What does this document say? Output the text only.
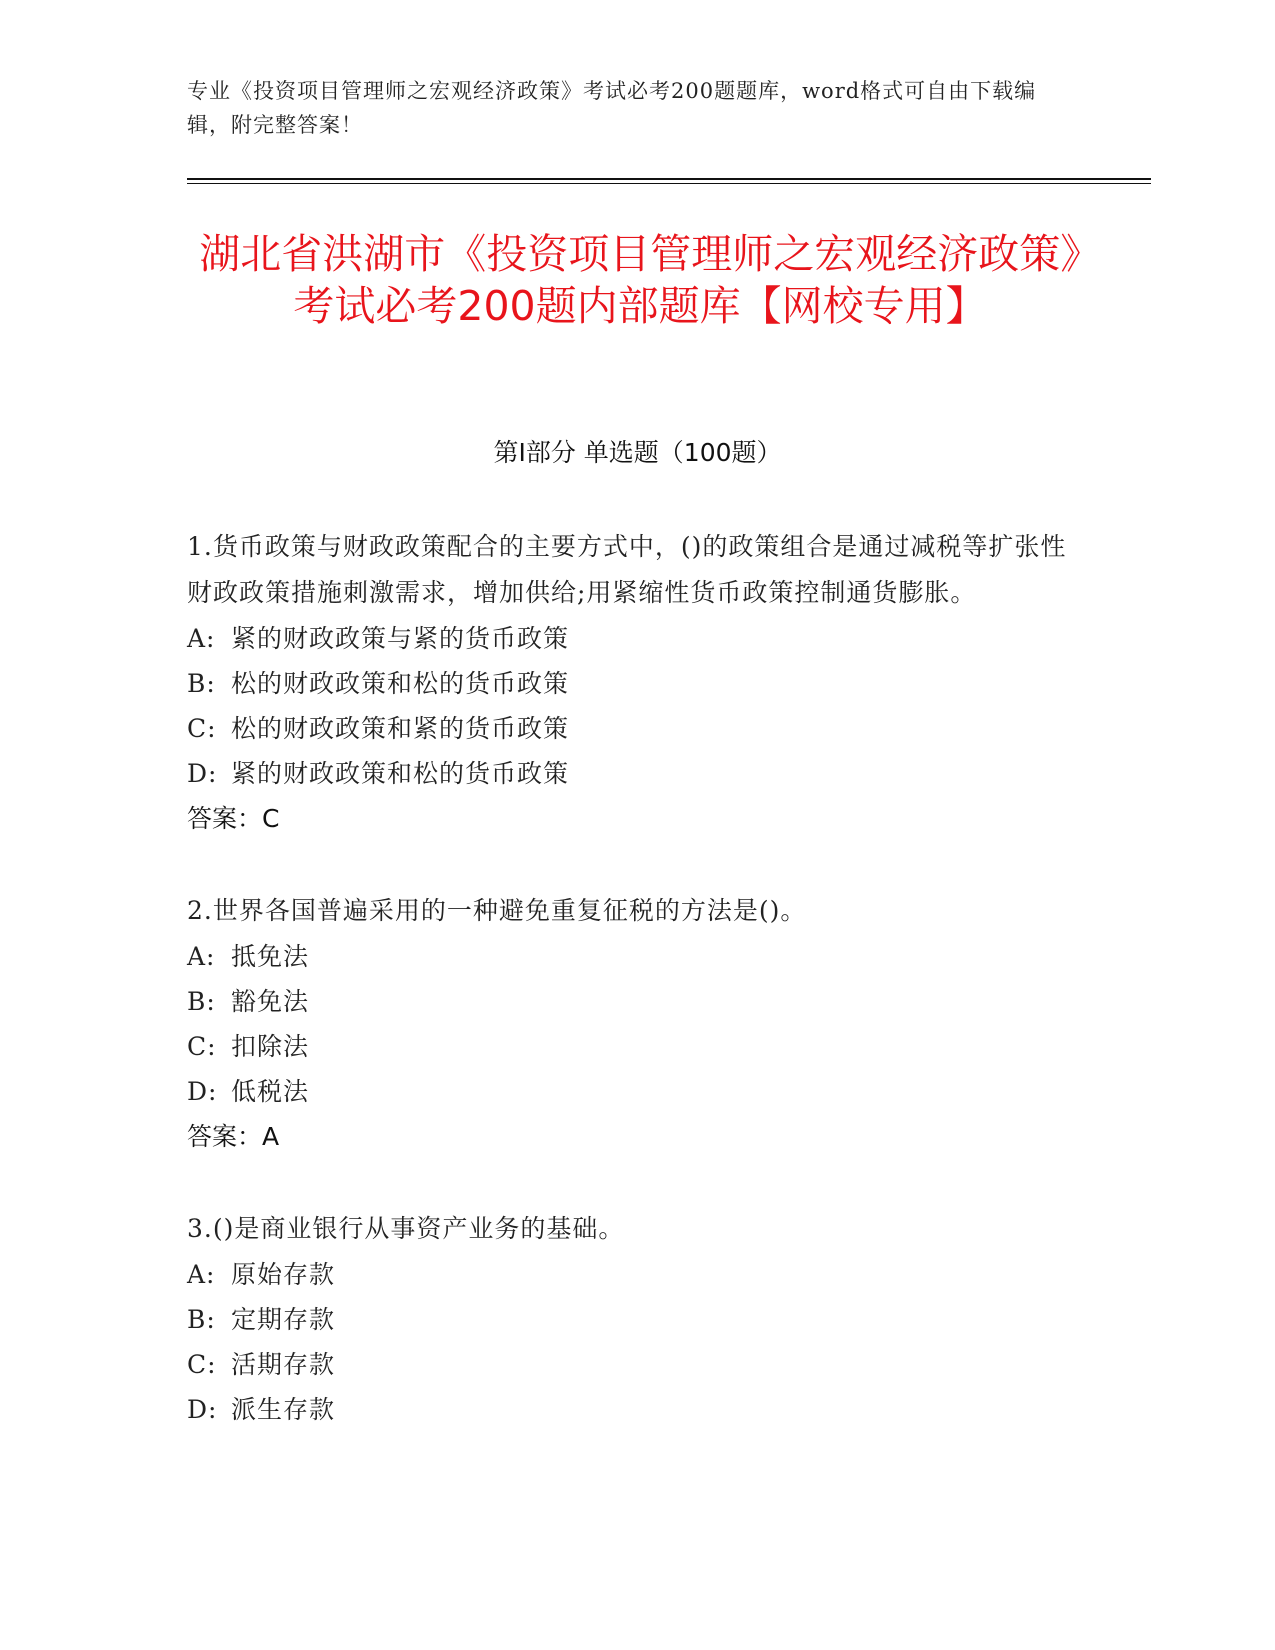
专业《投资项目管理师之宏观经济政策》考试必考200题题库，word格式可自由下载编辑，附完整答案！
湖北省洪湖市《投资项目管理师之宏观经济政策》考试必考200题内部题库【网校专用】
第I部分 单选题（100题）
1.货币政策与财政政策配合的主要方式中，()的政策组合是通过减税等扩张性财政政策措施刺激需求，增加供给;用紧缩性货币政策控制通货膨胀。
A: 紧的财政政策与紧的货币政策
B: 松的财政政策和松的货币政策
C: 松的财政政策和紧的货币政策
D: 紧的财政政策和松的货币政策
答案：C
2.世界各国普遍采用的一种避免重复征税的方法是()。
A: 抵免法
B: 豁免法
C: 扣除法
D: 低税法
答案：A
3.()是商业银行从事资产业务的基础。
A: 原始存款
B: 定期存款
C: 活期存款
D: 派生存款
